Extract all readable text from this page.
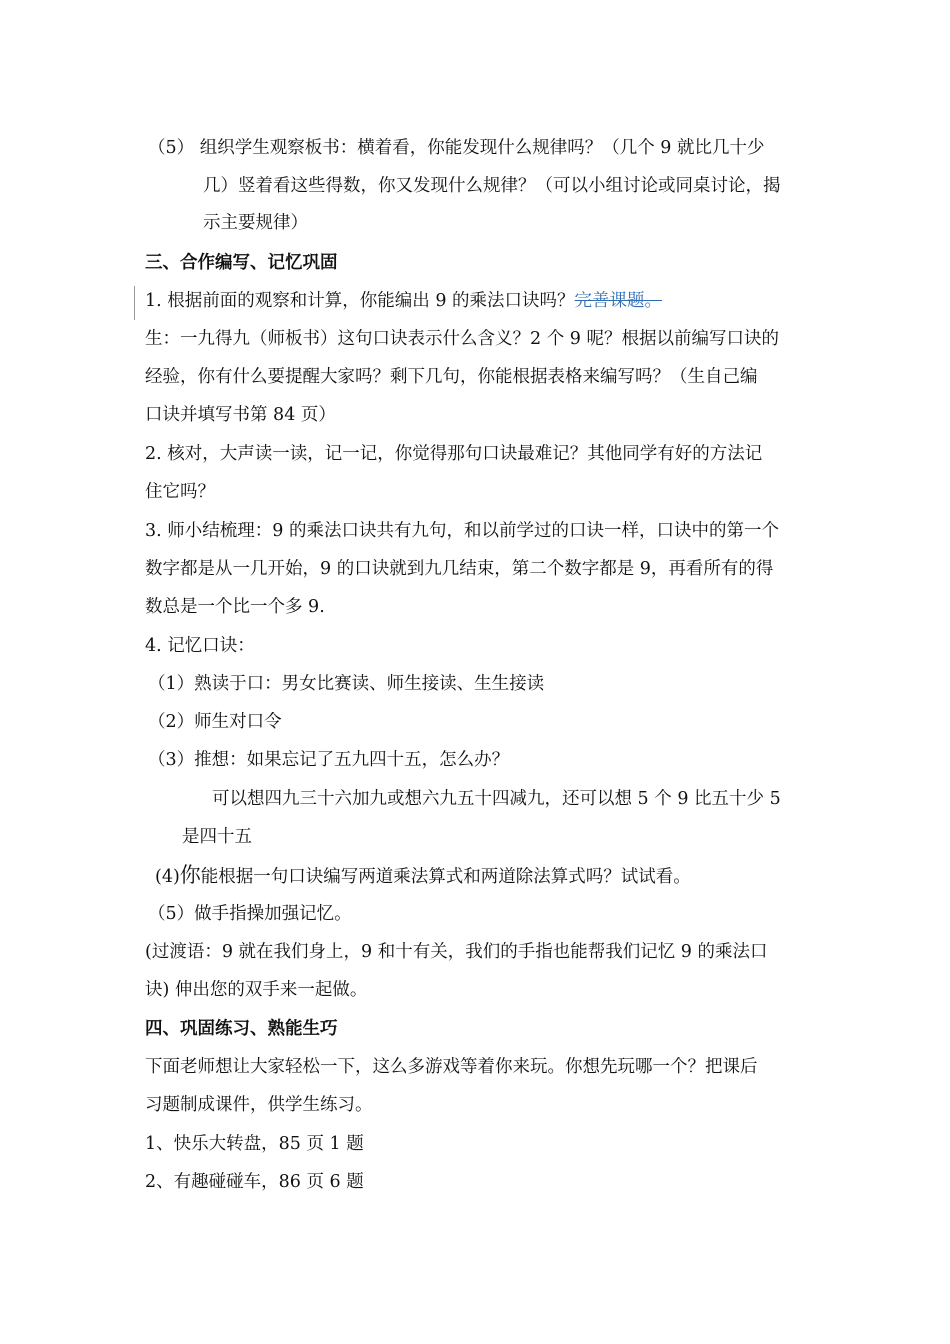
（5） 组织学生观察板书：横着看，你能发现什么规律吗？（几个 9 就比几十少
几）竖着看这些得数，你又发现什么规律？（可以小组讨论或同桌讨论，揭
示主要规律）
三、合作编写、记忆巩固
1. 根据前面的观察和计算，你能编出 9 的乘法口诀吗？完善课题。
生：一九得九（师板书）这句口诀表示什么含义？2 个 9 呢？根据以前编写口诀的
经验，你有什么要提醒大家吗？剩下几句，你能根据表格来编写吗？（生自己编
口诀并填写书第 84 页）
2. 核对，大声读一读，记一记，你觉得那句口诀最难记？其他同学有好的方法记
住它吗？
3. 师小结梳理：9 的乘法口诀共有九句，和以前学过的口诀一样，口诀中的第一个
数字都是从一几开始，9 的口诀就到九几结束，第二个数字都是 9，再看所有的得
数总是一个比一个多 9.
4. 记忆口诀：
（1）熟读于口：男女比赛读、师生接读、生生接读
（2）师生对口令
（3）推想：如果忘记了五九四十五，怎么办？
可以想四九三十六加九或想六九五十四减九，还可以想 5 个 9 比五十少 5
是四十五
(4)你能根据一句口诀编写两道乘法算式和两道除法算式吗？试试看。
（5）做手指操加强记忆。
(过渡语：9 就在我们身上，9 和十有关，我们的手指也能帮我们记忆 9 的乘法口
诀) 伸出您的双手来一起做。
四、巩固练习、熟能生巧
下面老师想让大家轻松一下，这么多游戏等着你来玩。你想先玩哪一个？把课后
习题制成课件，供学生练习。
1、快乐大转盘，85 页 1 题
2、有趣碰碰车，86 页 6 题
